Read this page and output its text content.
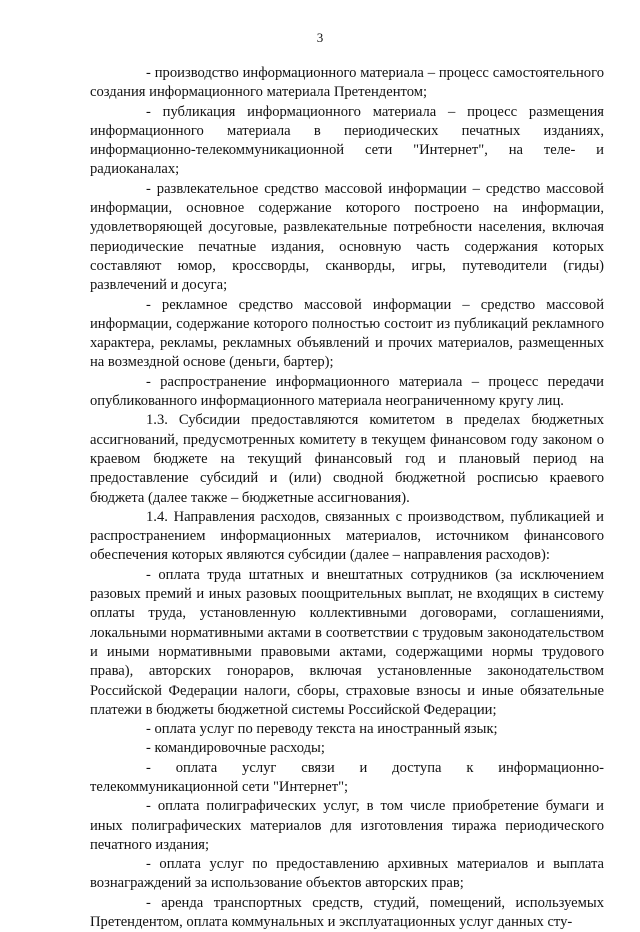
3

- производство информационного материала – процесс самостоятельного создания информационного материала Претендентом;

- публикация информационного материала – процесс размещения информационного материала в периодических печатных изданиях, информационно-телекоммуникационной сети "Интернет", на теле- и радиоканалах;

- развлекательное средство массовой информации – средство массовой информации, основное содержание которого построено на информации, удовлетворяющей досуговые, развлекательные потребности населения, включая периодические печатные издания, основную часть содержания которых составляют юмор, кроссворды, сканворды, игры, путеводители (гиды) развлечений и досуга;

- рекламное средство массовой информации – средство массовой информации, содержание которого полностью состоит из публикаций рекламного характера, рекламы, рекламных объявлений и прочих материалов, размещенных на возмездной основе (деньги, бартер);

- распространение информационного материала – процесс передачи опубликованного информационного материала неограниченному кругу лиц.

1.3. Субсидии предоставляются комитетом в пределах бюджетных ассигнований, предусмотренных комитету в текущем финансовом году законом о краевом бюджете на текущий финансовый год и плановый период на предоставление субсидий и (или) сводной бюджетной росписью краевого бюджета (далее также – бюджетные ассигнования).

1.4. Направления расходов, связанных с производством, публикацией и распространением информационных материалов, источником финансового обеспечения которых являются субсидии (далее – направления расходов):

- оплата труда штатных и внештатных сотрудников (за исключением разовых премий и иных разовых поощрительных выплат, не входящих в систему оплаты труда, установленную коллективными договорами, соглашениями, локальными нормативными актами в соответствии с трудовым законодательством и иными нормативными правовыми актами, содержащими нормы трудового права), авторских гонораров, включая установленные законодательством Российской Федерации налоги, сборы, страховые взносы и иные обязательные платежи в бюджеты бюджетной системы Российской Федерации;

- оплата услуг по переводу текста на иностранный язык;

- командировочные расходы;

- оплата услуг связи и доступа к информационно-телекоммуникационной сети "Интернет";

- оплата полиграфических услуг, в том числе приобретение бумаги и иных полиграфических материалов для изготовления тиража периодического печатного издания;

- оплата услуг по предоставлению архивных материалов и выплата вознаграждений за использование объектов авторских прав;

- аренда транспортных средств, студий, помещений, используемых Претендентом, оплата коммунальных и эксплуатационных услуг данных сту-
